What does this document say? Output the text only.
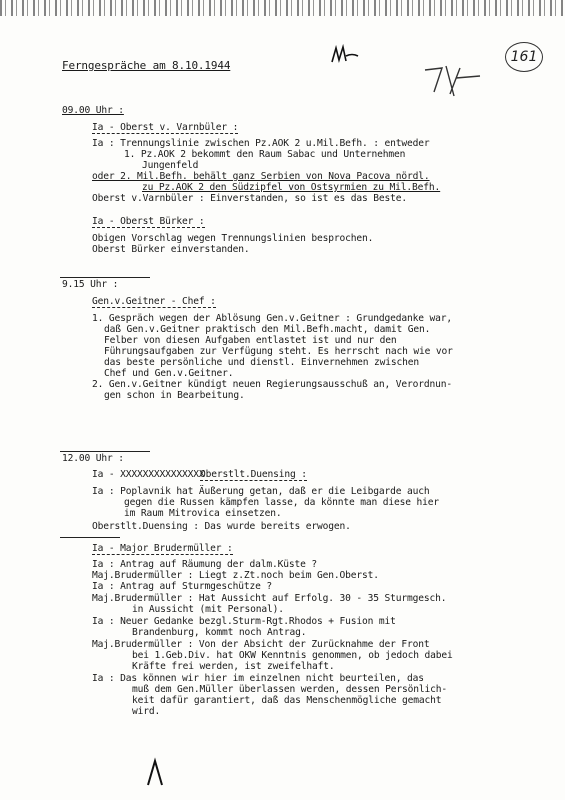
161
Ferngespräche am 8.10.1944
09.00 Uhr :
Ia - Oberst v. Varnbüler :
Ia : Trennungslinie zwischen Pz.AOK 2 u.Mil.Befh. : entweder
1. Pz.AOK 2 bekommt den Raum Sabac und Unternehmen
Jungenfeld
oder 2. Mil.Befh. behält ganz Serbien von Nova Pacova nördl.
zu Pz.AOK 2 den Südzipfel von Ostsyrmien zu Mil.Befh.
Oberst v.Varnbüler : Einverstanden, so ist es das Beste.
Ia - Oberst Bürker :
Obigen Vorschlag wegen Trennungslinien besprochen.
Oberst Bürker einverstanden.
9.15 Uhr :
Gen.v.Geitner - Chef :
1. Gespräch wegen der Ablösung Gen.v.Geitner : Grundgedanke war,
daß Gen.v.Geitner praktisch den Mil.Befh.macht, damit Gen.
Felber von diesen Aufgaben entlastet ist und nur den
Führungsaufgaben zur Verfügung steht. Es herrscht nach wie vor
das beste persönliche und dienstl. Einvernehmen zwischen
Chef und Gen.v.Geitner.
2. Gen.v.Geitner kündigt neuen Regierungsausschuß an, Verordnun-
gen schon in Bearbeitung.
12.00 Uhr :
Ia - XXXXXXXXXXXXXXX
Oberstlt.Duensing :
Ia : Poplavnik hat Äußerung getan, daß er die Leibgarde auch
gegen die Russen kämpfen lasse, da könnte man diese hier
im Raum Mitrovica einsetzen.
Oberstlt.Duensing : Das wurde bereits erwogen.
Ia - Major Brudermüller :
Ia : Antrag auf Räumung der dalm.Küste ?
Maj.Brudermüller : Liegt z.Zt.noch beim Gen.Oberst.
Ia : Antrag auf Sturmgeschütze ?
Maj.Brudermüller : Hat Aussicht auf Erfolg. 30 - 35 Sturmgesch.
in Aussicht (mit Personal).
Ia : Neuer Gedanke bezgl.Sturm-Rgt.Rhodos + Fusion mit
Brandenburg, kommt noch Antrag.
Maj.Brudermüller : Von der Absicht der Zurücknahme der Front
bei 1.Geb.Div. hat OKW Kenntnis genommen, ob jedoch dabei
Kräfte frei werden, ist zweifelhaft.
Ia : Das können wir hier im einzelnen nicht beurteilen, das
muß dem Gen.Müller überlassen werden, dessen Persönlich-
keit dafür garantiert, daß das Menschenmögliche gemacht
wird.
